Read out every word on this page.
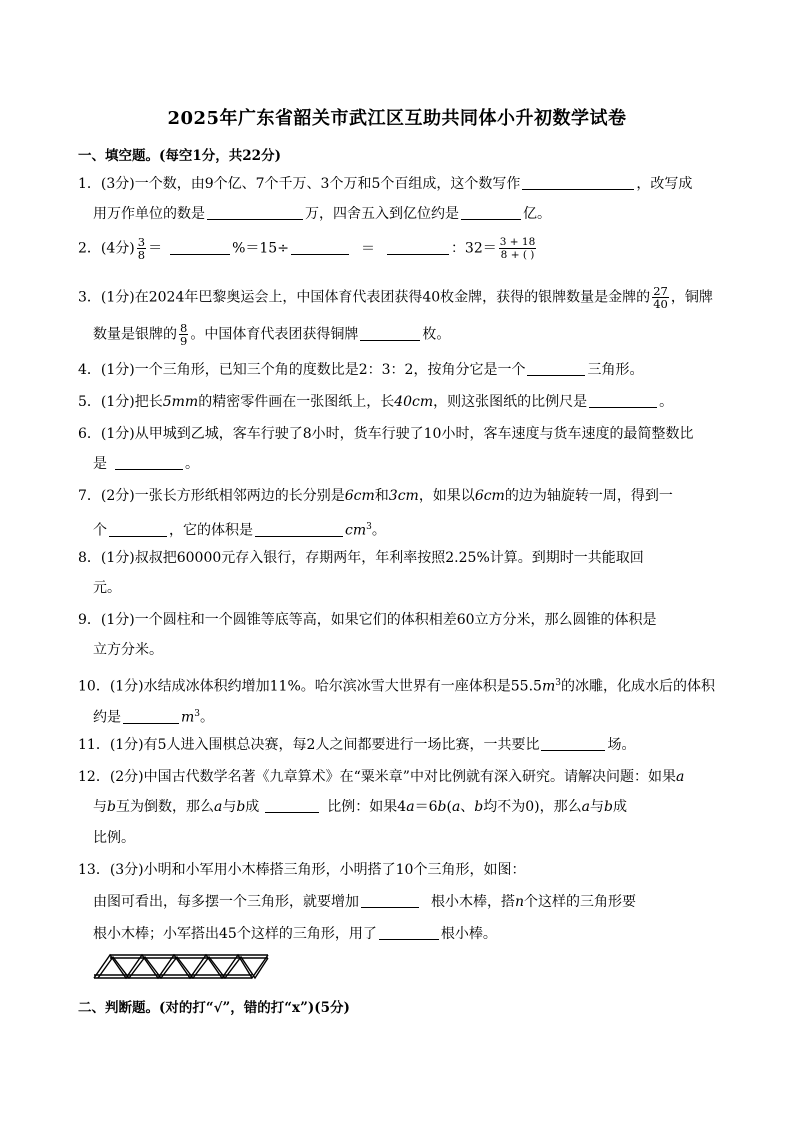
2025年广东省韶关市武江区互助共同体小升初数学试卷
一、填空题。(每空1分，共22分)
1．(3分)一个数，由9个亿、7个千万、3个万和5个百组成，这个数写作	，改写成
用万作单位的数是	万，四舍五入到亿位约是	亿。
2．(4分) $\frac{3}{8}$ ＝	%＝15÷	＝	：$32= \frac{3 + 18}{8 + ( )}$
3．(1分)在2024年巴黎奥运会上，中国体育代表团获得40枚金牌，获得的银牌数量是金牌的 $\frac{27}{40}$ ，铜牌
数量是银牌的 $\frac{8}{9}$ 。中国体育代表团获得铜牌	枚。
4．(1分)一个三角形，已知三个角的度数比是2：3：2，按角分它是一个	三角形。
5．(1分)把长5mm的精密零件画在一张图纸上，长40cm，则这张图纸的比例尺是	。
6．(1分)从甲城到乙城，客车行驶了8小时，货车行驶了10小时，客车速度与货车速度的最简整数比
是	。
7．(2分)一张长方形纸相邻两边的长分别是6cm和3cm，如果以6cm的边为轴旋转一周，得到一
个	，它的体积是	$cm^3$。
8．(1分)叔叔把60000元存入银行，存期两年，年利率按照2.25%计算。到期时一共能取回
元。
9．(1分)一个圆柱和一个圆锥等底等高，如果它们的体积相差60立方分米，那么圆锥的体积是
立方分米。
10．(1分)水结成冰体积约增加11%。哈尔滨冰雪大世界有一座体积是$55.5m^3$的冰雕，化成水后的体积
约是	$m^3$。
11．(1分)有5人进入围棋总决赛，每2人之间都要进行一场比赛，一共要比	场。
12．(2分)中国古代数学名著《九章算术》在“粟米章”中对比例就有深入研究。请解决问题：如果a
与b互为倒数，那么a与b成	比例：如果4a＝6b(a、b均不为0)，那么a与b成
比例。
13．(3分)小明和小军用小木棒搭三角形，小明搭了10个三角形，如图：
由图可看出，每多摆一个三角形，就要增加	根小木棒，搭n个这样的三角形要
根小木棒；小军搭出45个这样的三角形，用了	根小棒。
二、判断题。(对的打“√”，错的打“x”)(5分)
